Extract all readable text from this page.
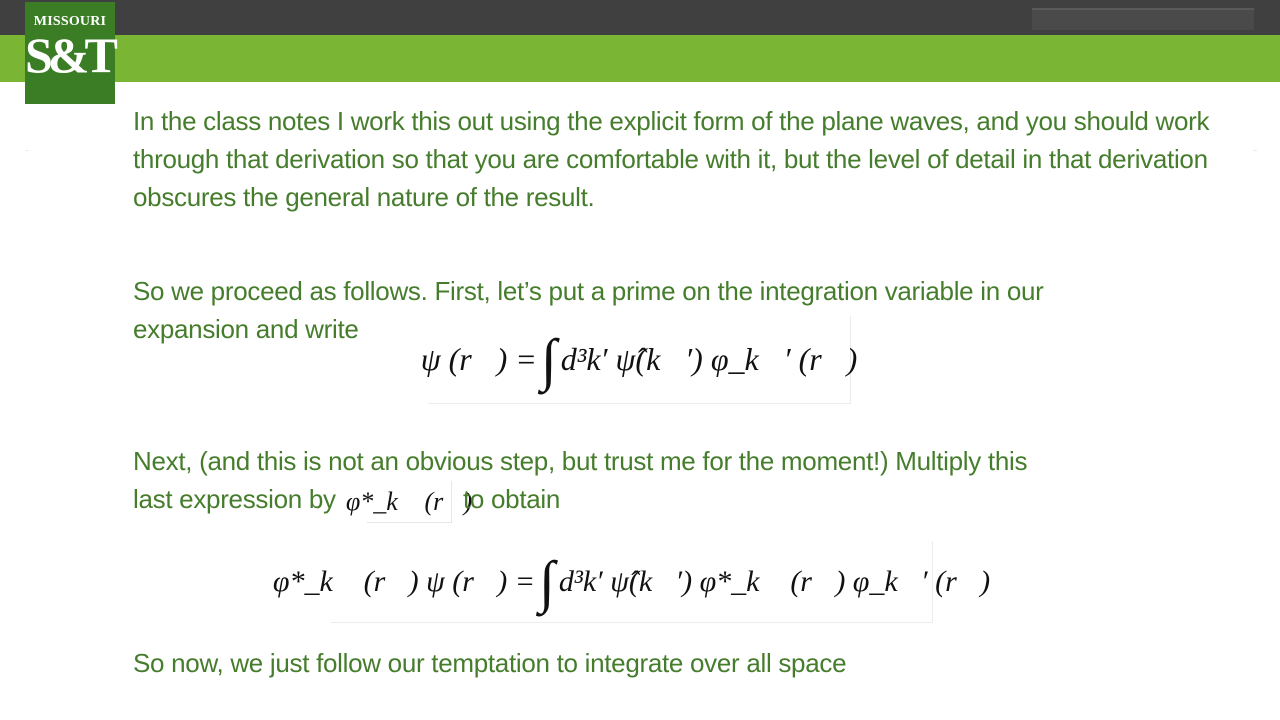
MISSOURI
S&T

In the class notes I work this out using the explicit form of the plane waves, and you should work through that derivation so that you are comfortable with it, but the level of detail in that derivation obscures the general nature of the result.

So we proceed as follows. First, let’s put a prime on the integration variable in our

expansion and write

ψ (r⃗) = ∫ d³k′ ψ̂(k⃗′) φ_k⃗′ (r⃗)

Next, (and this is not an obvious step, but trust me for the moment!) Multiply this

last expression by φ*_k⃗ (r⃗)

to obtain

φ*_k⃗ (r⃗) ψ (r⃗) = ∫ d³k′ ψ̂(k⃗′) φ*_k⃗ (r⃗) φ_k⃗′ (r⃗)

So now, we just follow our temptation to integrate over all space
